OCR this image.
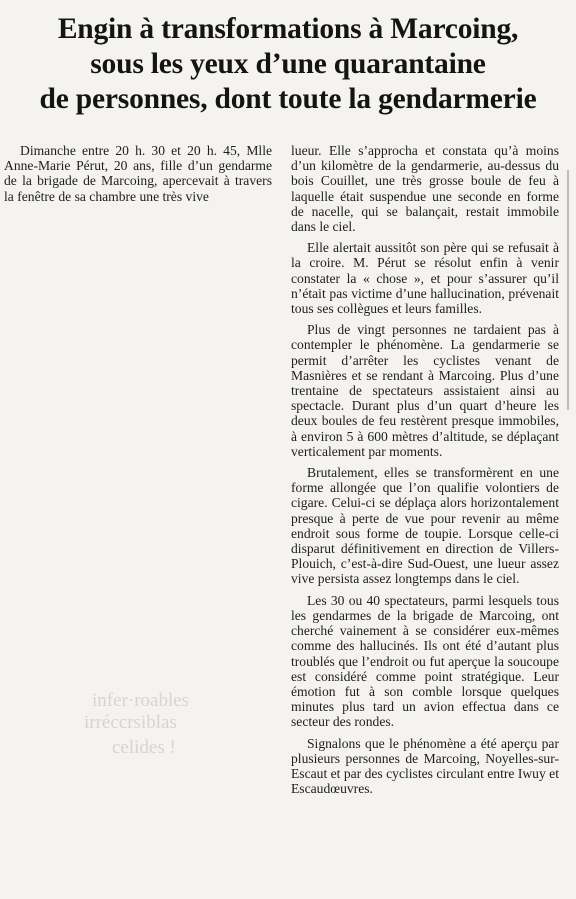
Engin à transformations à Marcoing,
sous les yeux d’une quarantaine
de personnes, dont toute la gendarmerie

Dimanche entre 20 h. 30 et 20 h. 45, Mlle Anne-Marie Pérut, 20 ans, fille d’un gendarme de la brigade de Marcoing, apercevait à travers la fenêtre de sa chambre une très vive

infer·roables
irréccrsiblas
celides !

lueur. Elle s’approcha et constata qu’à moins d’un kilomètre de la gendarmerie, au-dessus du bois Couillet, une très grosse boule de feu à laquelle était suspendue une seconde en forme de nacelle, qui se balançait, restait immobile dans le ciel.

Elle alertait aussitôt son père qui se refusait à la croire. M. Pérut se résolut enfin à venir constater la « chose », et pour s’assurer qu’il n’était pas victime d’une hallucination, prévenait tous ses collègues et leurs familles.

Plus de vingt personnes ne tardaient pas à contempler le phénomène. La gendarmerie se permit d’arrêter les cyclistes venant de Masnières et se rendant à Marcoing. Plus d’une trentaine de spectateurs assistaient ainsi au spectacle. Durant plus d’un quart d’heure les deux boules de feu restèrent presque immobiles, à environ 5 à 600 mètres d’altitude, se déplaçant verticalement par moments.

Brutalement, elles se transformèrent en une forme allongée que l’on qualifie volontiers de cigare. Celui-ci se déplaça alors horizontalement presque à perte de vue pour revenir au même endroit sous forme de toupie. Lorsque celle-ci disparut définitivement en direction de Villers-Plouich, c’est-à-dire Sud-Ouest, une lueur assez vive persista assez longtemps dans le ciel.

Les 30 ou 40 spectateurs, parmi lesquels tous les gendarmes de la brigade de Marcoing, ont cherché vainement à se considérer eux-mêmes comme des hallucinés. Ils ont été d’autant plus troublés que l’endroit ou fut aperçue la soucoupe est considéré comme point stratégique. Leur émotion fut à son comble lorsque quelques minutes plus tard un avion effectua dans ce secteur des rondes.

Signalons que le phénomène a été aperçu par plusieurs personnes de Marcoing, Noyelles-sur-Escaut et par des cyclistes circulant entre Iwuy et Escaudœuvres.
